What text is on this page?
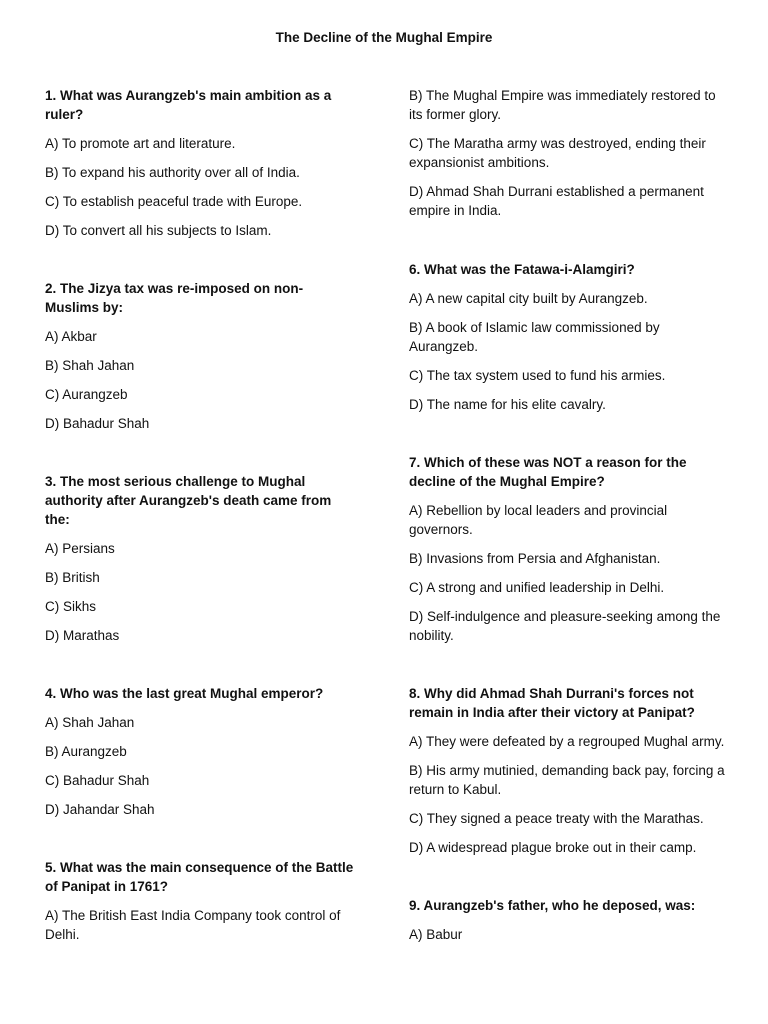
The Decline of the Mughal Empire
1. What was Aurangzeb's main ambition as a ruler?
A) To promote art and literature.
B) To expand his authority over all of India.
C) To establish peaceful trade with Europe.
D) To convert all his subjects to Islam.
2. The Jizya tax was re-imposed on non-Muslims by:
A) Akbar
B) Shah Jahan
C) Aurangzeb
D) Bahadur Shah
3. The most serious challenge to Mughal authority after Aurangzeb's death came from the:
A) Persians
B) British
C) Sikhs
D) Marathas
4. Who was the last great Mughal emperor?
A) Shah Jahan
B) Aurangzeb
C) Bahadur Shah
D) Jahandar Shah
5. What was the main consequence of the Battle of Panipat in 1761?
A) The British East India Company took control of Delhi.
B) The Mughal Empire was immediately restored to its former glory.
C) The Maratha army was destroyed, ending their expansionist ambitions.
D) Ahmad Shah Durrani established a permanent empire in India.
6. What was the Fatawa-i-Alamgiri?
A) A new capital city built by Aurangzeb.
B) A book of Islamic law commissioned by Aurangzeb.
C) The tax system used to fund his armies.
D) The name for his elite cavalry.
7. Which of these was NOT a reason for the decline of the Mughal Empire?
A) Rebellion by local leaders and provincial governors.
B) Invasions from Persia and Afghanistan.
C) A strong and unified leadership in Delhi.
D) Self-indulgence and pleasure-seeking among the nobility.
8. Why did Ahmad Shah Durrani's forces not remain in India after their victory at Panipat?
A) They were defeated by a regrouped Mughal army.
B) His army mutinied, demanding back pay, forcing a return to Kabul.
C) They signed a peace treaty with the Marathas.
D) A widespread plague broke out in their camp.
9. Aurangzeb's father, who he deposed, was:
A) Babur
